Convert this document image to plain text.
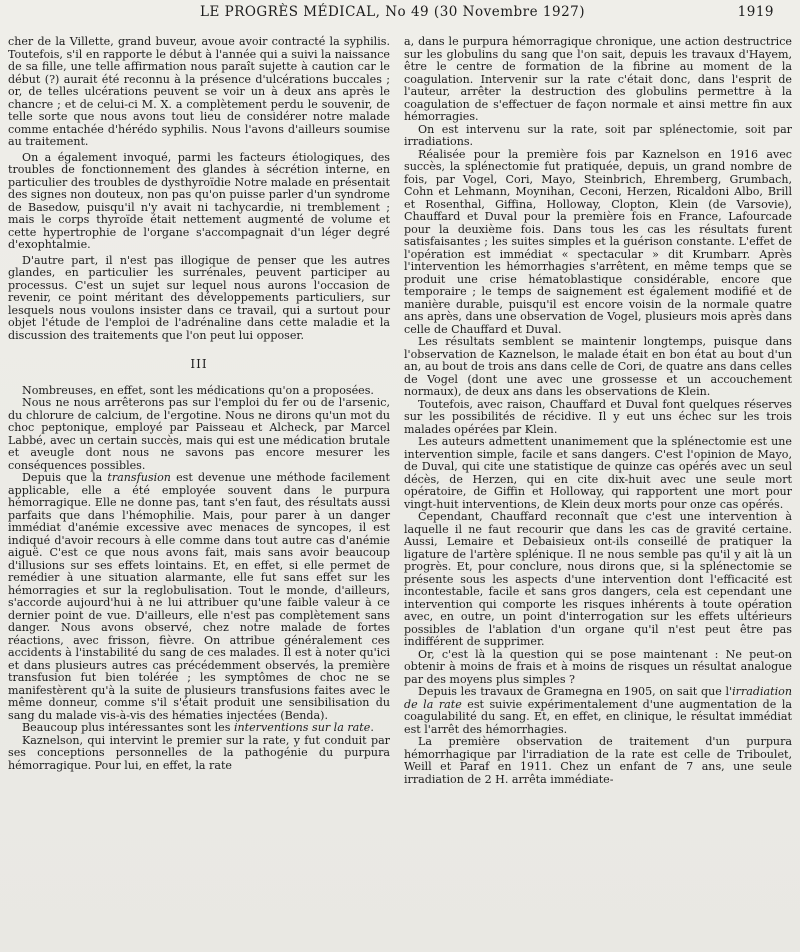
LE PROGRÈS MÉDICAL, No 49 (30 Novembre 1927)	1919

cher de la Villette, grand buveur, avoue avoir contracté la syphilis. Toutefois, s'il en rapporte le début à l'année qui a suivi la naissance de sa fille, une telle affirmation nous paraît sujette à caution car le début (?) aurait été reconnu à la présence d'ulcérations buccales ; or, de telles ulcérations peuvent se voir un à deux ans après le chancre ; et de celui-ci M. X. a complètement perdu le souvenir, de telle sorte que nous avons tout lieu de considérer notre malade comme entachée d'hérédo syphilis. Nous l'avons d'ailleurs soumise au traitement.

On a également invoqué, parmi les facteurs étiologiques, des troubles de fonctionnement des glandes à sécrétion interne, en particulier des troubles de dysthyroïdie Notre malade en présentait des signes non douteux, non pas qu'on puisse parler d'un syndrome de Basedow, puisqu'il n'y avait ni tachycardie, ni tremblement ; mais le corps thyroïde était nettement augmenté de volume et cette hypertrophie de l'organe s'accompagnait d'un léger degré d'exophtalmie.

D'autre part, il n'est pas illogique de penser que les autres glandes, en particulier les surrénales, peuvent participer au processus. C'est un sujet sur lequel nous aurons l'occasion de revenir, ce point méritant des développements particuliers, sur lesquels nous voulons insister dans ce travail, qui a surtout pour objet l'étude de l'emploi de l'adrénaline dans cette maladie et la discussion des traitements que l'on peut lui opposer.

III

Nombreuses, en effet, sont les médications qu'on a proposées.

Nous ne nous arrêterons pas sur l'emploi du fer ou de l'arsenic, du chlorure de calcium, de l'ergotine. Nous ne dirons qu'un mot du choc peptonique, employé par Paisseau et Alcheck, par Marcel Labbé, avec un certain succès, mais qui est une médication brutale et aveugle dont nous ne savons pas encore mesurer les conséquences possibles.

Depuis que la transfusion est devenue une méthode facilement applicable, elle a été employée souvent dans le purpura hémorragique. Elle ne donne pas, tant s'en faut, des résultats aussi parfaits que dans l'hémophilie. Mais, pour parer à un danger immédiat d'anémie excessive avec menaces de syncopes, il est indiqué d'avoir recours à elle comme dans tout autre cas d'anémie aiguë. C'est ce que nous avons fait, mais sans avoir beaucoup d'illusions sur ses effets lointains. Et, en effet, si elle permet de remédier à une situation alarmante, elle fut sans effet sur les hémorragies et sur la reglobulisation. Tout le monde, d'ailleurs, s'accorde aujourd'hui à ne lui attribuer qu'une faible valeur à ce dernier point de vue. D'ailleurs, elle n'est pas complètement sans danger. Nous avons observé, chez notre malade de fortes réactions, avec frisson, fièvre. On attribue généralement ces accidents à l'instabilité du sang de ces malades. Il est à noter qu'ici et dans plusieurs autres cas précédemment observés, la première transfusion fut bien tolérée ; les symptômes de choc ne se manifestèrent qu'à la suite de plusieurs transfusions faites avec le même donneur, comme s'il s'était produit une sensibilisation du sang du malade vis-à-vis des hématies injectées (Benda).

Beaucoup plus intéressantes sont les interventions sur la rate.

Kaznelson, qui intervint le premier sur la rate, y fut conduit par ses conceptions personnelles de la pathogénie du purpura hémorragique. Pour lui, en effet, la rate

a, dans le purpura hémorragique chronique, une action destructrice sur les globulins du sang que l'on sait, depuis les travaux d'Hayem, être le centre de formation de la fibrine au moment de la coagulation. Intervenir sur la rate c'était donc, dans l'esprit de l'auteur, arrêter la destruction des globulins permettre à la coagulation de s'effectuer de façon normale et ainsi mettre fin aux hémorragies.

On est intervenu sur la rate, soit par splénectomie, soit par irradiations.

Réalisée pour la première fois par Kaznelson en 1916 avec succès, la splénectomie fut pratiquée, depuis, un grand nombre de fois, par Vogel, Cori, Mayo, Steinbrich, Ehremberg, Grumbach, Cohn et Lehmann, Moynihan, Ceconi, Herzen, Ricaldoni Albo, Brill et Rosenthal, Giffina, Holloway, Clopton, Klein (de Varsovie), Chauffard et Duval pour la première fois en France, Lafourcade pour la deuxième fois. Dans tous les cas les résultats furent satisfaisantes ; les suites simples et la guérison constante. L'effet de l'opération est immédiat « spectacular » dit Krumbarr. Après l'intervention les hémorrhagies s'arrêtent, en même temps que se produit une crise hématoblastique considérable, encore que temporaire ; le temps de saignement est également modifié et de manière durable, puisqu'il est encore voisin de la normale quatre ans après, dans une observation de Vogel, plusieurs mois après dans celle de Chauffard et Duval.

Les résultats semblent se maintenir longtemps, puisque dans l'observation de Kaznelson, le malade était en bon état au bout d'un an, au bout de trois ans dans celle de Cori, de quatre ans dans celles de Vogel (dont une avec une grossesse et un accouchement normaux), de deux ans dans les observations de Klein.

Toutefois, avec raison, Chauffard et Duval font quelques réserves sur les possibilités de récidive. Il y eut uns échec sur les trois malades opérées par Klein.

Les auteurs admettent unanimement que la splénectomie est une intervention simple, facile et sans dangers. C'est l'opinion de Mayo, de Duval, qui cite une statistique de quinze cas opérés avec un seul décès, de Herzen, qui en cite dix-huit avec une seule mort opératoire, de Giffin et Holloway, qui rapportent une mort pour vingt-huit interventions, de Klein deux morts pour onze cas opérés.

Cependant, Chauffard reconnaît que c'est une intervention à laquelle il ne faut recourir que dans les cas de gravité certaine. Aussi, Lemaire et Debaisieux ont-ils conseillé de pratiquer la ligature de l'artère splénique. Il ne nous semble pas qu'il y ait là un progrès. Et, pour conclure, nous dirons que, si la splénectomie se présente sous les aspects d'une intervention dont l'efficacité est incontestable, facile et sans gros dangers, cela est cependant une intervention qui comporte les risques inhérents à toute opération avec, en outre, un point d'interrogation sur les effets ultérieurs possibles de l'ablation d'un organe qu'il n'est peut être pas indifférent de supprimer.

Or, c'est là la question qui se pose maintenant : Ne peut-on obtenir à moins de frais et à moins de risques un résultat analogue par des moyens plus simples ?

Depuis les travaux de Gramegna en 1905, on sait que l'irradiation de la rate est suivie expérimentalement d'une augmentation de la coagulabilité du sang. Et, en effet, en clinique, le résultat immédiat est l'arrêt des hémorrhagies.

La première observation de traitement d'un purpura hémorrhagique par l'irradiation de la rate est celle de Triboulet, Weill et Paraf en 1911. Chez un enfant de 7 ans, une seule irradiation de 2 H. arrêta immédiate-
